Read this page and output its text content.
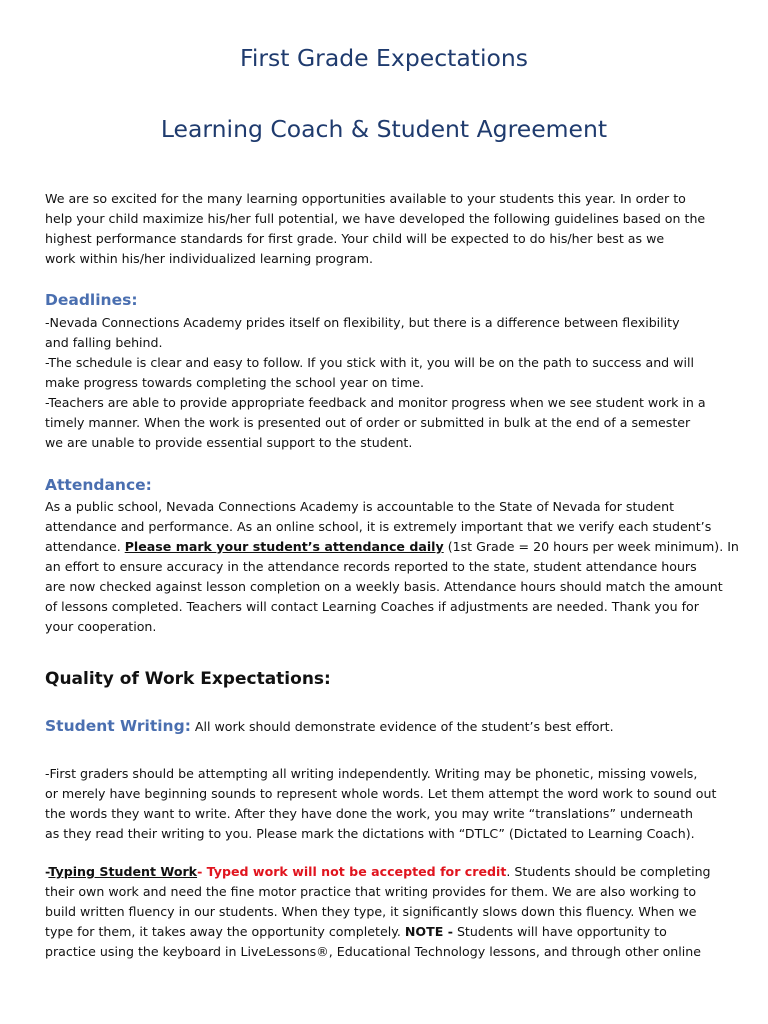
First Grade Expectations
Learning Coach & Student Agreement
We are so excited for the many learning opportunities available to your students this year. In order to
help your child maximize his/her full potential, we have developed the following guidelines based on the
highest performance standards for first grade. Your child will be expected to do his/her best as we
work within his/her individualized learning program.
Deadlines:
-Nevada Connections Academy prides itself on flexibility, but there is a difference between flexibility
and falling behind.
-The schedule is clear and easy to follow. If you stick with it, you will be on the path to success and will
make progress towards completing the school year on time.
-Teachers are able to provide appropriate feedback and monitor progress when we see student work in a
timely manner. When the work is presented out of order or submitted in bulk at the end of a semester
we are unable to provide essential support to the student.
Attendance:
As a public school, Nevada Connections Academy is accountable to the State of Nevada for student
attendance and performance. As an online school, it is extremely important that we verify each student’s
attendance. Please mark your student’s attendance daily (1st Grade = 20 hours per week minimum). In
an effort to ensure accuracy in the attendance records reported to the state, student attendance hours
are now checked against lesson completion on a weekly basis. Attendance hours should match the amount
of lessons completed. Teachers will contact Learning Coaches if adjustments are needed. Thank you for
your cooperation.
Quality of Work Expectations:
Student Writing: All work should demonstrate evidence of the student’s best effort.
-First graders should be attempting all writing independently. Writing may be phonetic, missing vowels,
or merely have beginning sounds to represent whole words. Let them attempt the word work to sound out
the words they want to write. After they have done the work, you may write “translations” underneath
as they read their writing to you. Please mark the dictations with “DTLC” (Dictated to Learning Coach).
-Typing Student Work- Typed work will not be accepted for credit. Students should be completing
their own work and need the fine motor practice that writing provides for them. We are also working to
build written fluency in our students. When they type, it significantly slows down this fluency. When we
type for them, it takes away the opportunity completely. NOTE - Students will have opportunity to
practice using the keyboard in LiveLessons®, Educational Technology lessons, and through other online
